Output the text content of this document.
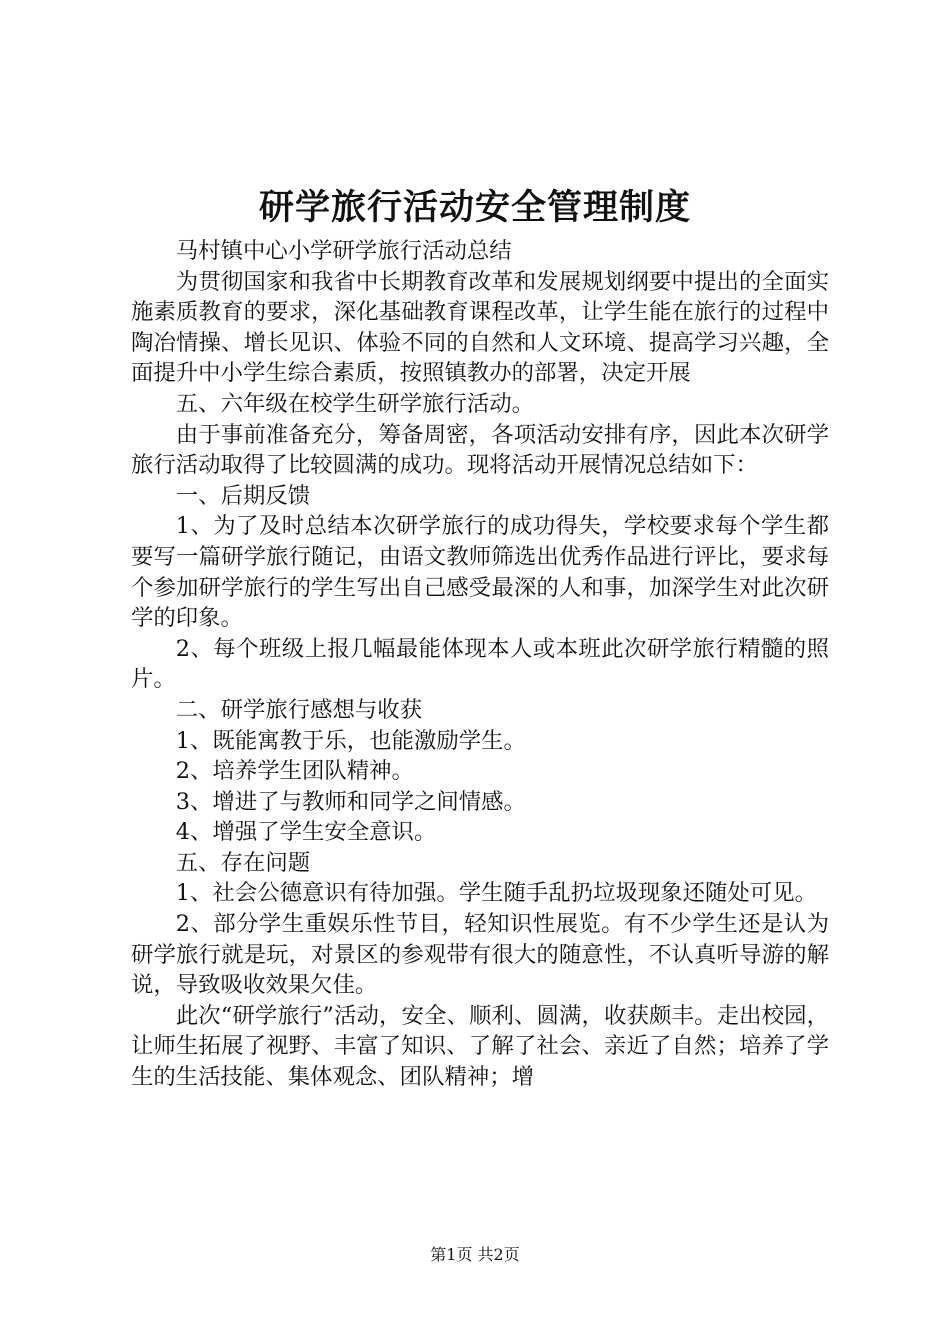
研学旅行活动安全管理制度

马村镇中心小学研学旅行活动总结

为贯彻国家和我省中长期教育改革和发展规划纲要中提出的全面实施素质教育的要求，深化基础教育课程改革，让学生能在旅行的过程中陶冶情操、增长见识、体验不同的自然和人文环境、提高学习兴趣，全面提升中小学生综合素质，按照镇教办的部署，决定开展

五、六年级在校学生研学旅行活动。

由于事前准备充分，筹备周密，各项活动安排有序，因此本次研学旅行活动取得了比较圆满的成功。现将活动开展情况总结如下：

一、后期反馈

1、为了及时总结本次研学旅行的成功得失，学校要求每个学生都要写一篇研学旅行随记，由语文教师筛选出优秀作品进行评比，要求每个参加研学旅行的学生写出自己感受最深的人和事，加深学生对此次研学的印象。

2、每个班级上报几幅最能体现本人或本班此次研学旅行精髓的照片。

二、研学旅行感想与收获

1、既能寓教于乐，也能激励学生。

2、培养学生团队精神。

3、增进了与教师和同学之间情感。

4、增强了学生安全意识。

五、存在问题

1、社会公德意识有待加强。学生随手乱扔垃圾现象还随处可见。

2、部分学生重娱乐性节目，轻知识性展览。有不少学生还是认为研学旅行就是玩，对景区的参观带有很大的随意性，不认真听导游的解说，导致吸收效果欠佳。

此次“研学旅行”活动，安全、顺利、圆满，收获颇丰。走出校园，让师生拓展了视野、丰富了知识、了解了社会、亲近了自然；培养了学生的生活技能、集体观念、团队精神；增

第1页 共2页
